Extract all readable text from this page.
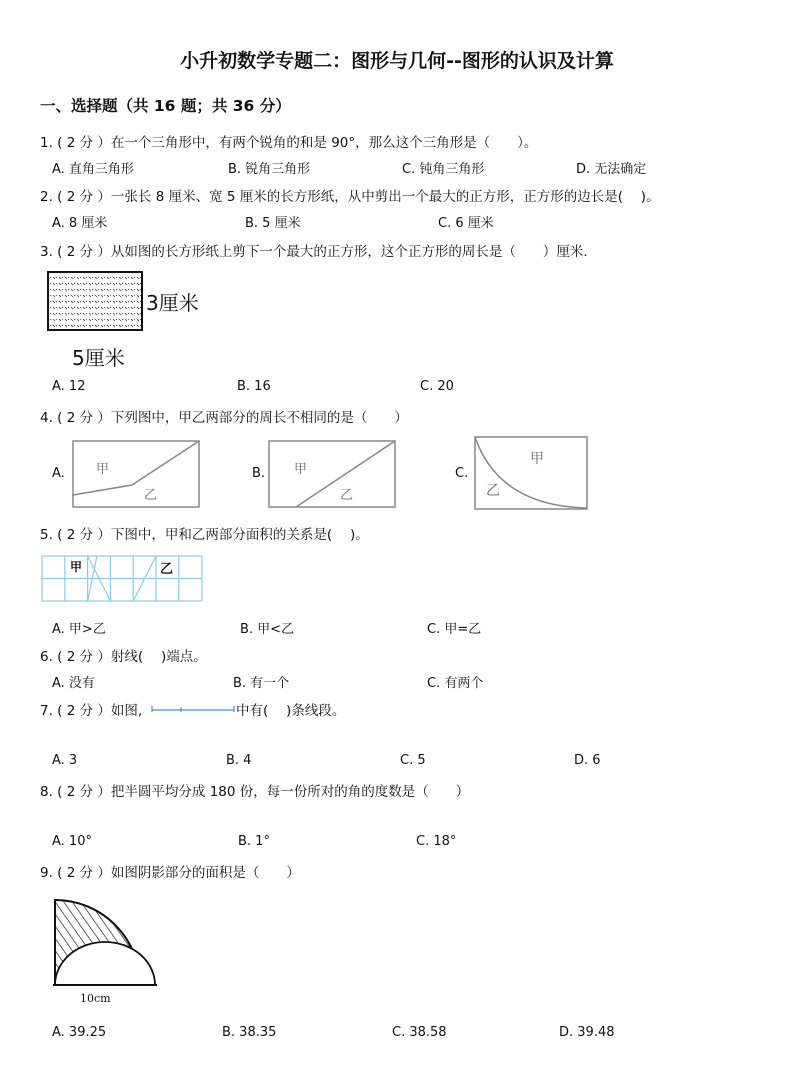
小升初数学专题二：图形与几何--图形的认识及计算
一、选择题（共 16 题；共 36 分）
1. ( 2 分 ）在一个三角形中，有两个锐角的和是 90°，那么这个三角形是（　　）。
A. 直角三角形	B. 锐角三角形	C. 钝角三角形	D. 无法确定
2. ( 2 分 ）一张长 8 厘米、宽 5 厘米的长方形纸，从中剪出一个最大的正方形，正方形的边长是(　 )。
A. 8 厘米	B. 5 厘米	C. 6 厘米
3. ( 2 分 ）从如图的长方形纸上剪下一个最大的正方形，这个正方形的周长是（　　）厘米.
3厘米
5厘米
A. 12	B. 16	C. 20
4. ( 2 分 ）下列图中，甲乙两部分的周长不相同的是（　　）
A.	B.	C.
甲
乙
甲
乙
甲
乙
5. ( 2 分 ）下图中，甲和乙两部分面积的关系是(　 )。
甲	乙
A. 甲>乙	B. 甲<乙	C. 甲=乙
6. ( 2 分 ）射线(　 )端点。
A. 没有	B. 有一个	C. 有两个
7. ( 2 分 ）如图,	中有(　 )条线段。
A. 3	B. 4	C. 5	D. 6
8. ( 2 分 ）把半圆平均分成 180 份，每一份所对的角的度数是（　　）
A. 10°	B. 1°	C. 18°
9. ( 2 分 ）如图阴影部分的面积是（　　）
10cm
A. 39.25	B. 38.35	C. 38.58	D. 39.48
